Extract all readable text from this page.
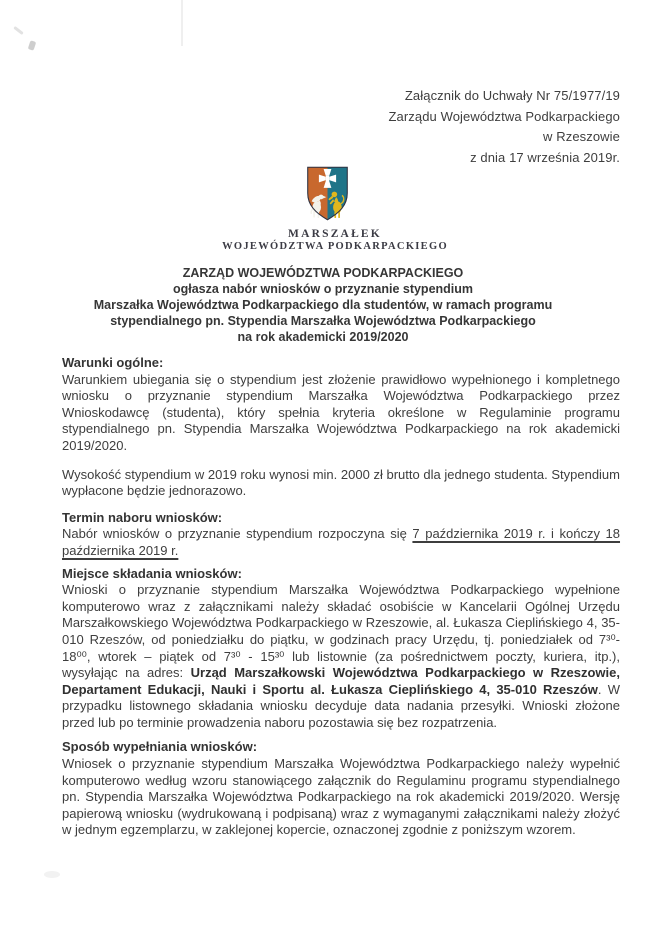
Załącznik do Uchwały Nr 75/1977/19
Zarządu Województwa Podkarpackiego
w Rzeszowie
z dnia 17 września 2019r.
MARSZAŁEK
WOJEWÓDZTWA PODKARPACKIEGO
ZARZĄD WOJEWÓDZTWA PODKARPACKIEGO
ogłasza nabór wniosków o przyznanie stypendium
Marszałka Województwa Podkarpackiego dla studentów, w ramach programu
stypendialnego pn. Stypendia Marszałka Województwa Podkarpackiego
na rok akademicki 2019/2020

Warunki ogólne:

Warunkiem ubiegania się o stypendium jest złożenie prawidłowo wypełnionego i kompletnego wniosku o przyznanie stypendium Marszałka Województwa Podkarpackiego przez Wnioskodawcę (studenta), który spełnia kryteria określone w Regulaminie programu stypendialnego pn. Stypendia Marszałka Województwa Podkarpackiego na rok akademicki 2019/2020.

Wysokość stypendium w 2019 roku wynosi min. 2000 zł brutto dla jednego studenta. Stypendium wypłacone będzie jednorazowo.

Termin naboru wniosków:

Nabór wniosków o przyznanie stypendium rozpoczyna się 7 października 2019 r. i kończy 18 października 2019 r.

Miejsce składania wniosków:

Wnioski o przyznanie stypendium Marszałka Województwa Podkarpackiego wypełnione komputerowo wraz z załącznikami należy składać osobiście w Kancelarii Ogólnej Urzędu Marszałkowskiego Województwa Podkarpackiego w Rzeszowie, al. Łukasza Cieplińskiego 4, 35-010 Rzeszów, od poniedziałku do piątku, w godzinach pracy Urzędu, tj. poniedziałek od 7³⁰- 18⁰⁰, wtorek – piątek od 7³⁰ - 15³⁰ lub listownie (za pośrednictwem poczty, kuriera, itp.), wysyłając na adres: Urząd Marszałkowski Województwa Podkarpackiego w Rzeszowie, Departament Edukacji, Nauki i Sportu al. Łukasza Cieplińskiego 4, 35-010 Rzeszów. W przypadku listownego składania wniosku decyduje data nadania przesyłki. Wnioski złożone przed lub po terminie prowadzenia naboru pozostawia się bez rozpatrzenia.

Sposób wypełniania wniosków:

Wniosek o przyznanie stypendium Marszałka Województwa Podkarpackiego należy wypełnić komputerowo według wzoru stanowiącego załącznik do Regulaminu programu stypendialnego pn. Stypendia Marszałka Województwa Podkarpackiego na rok akademicki 2019/2020. Wersję papierową wniosku (wydrukowaną i podpisaną) wraz z wymaganymi załącznikami należy złożyć w jednym egzemplarzu, w zaklejonej kopercie, oznaczonej zgodnie z poniższym wzorem.
